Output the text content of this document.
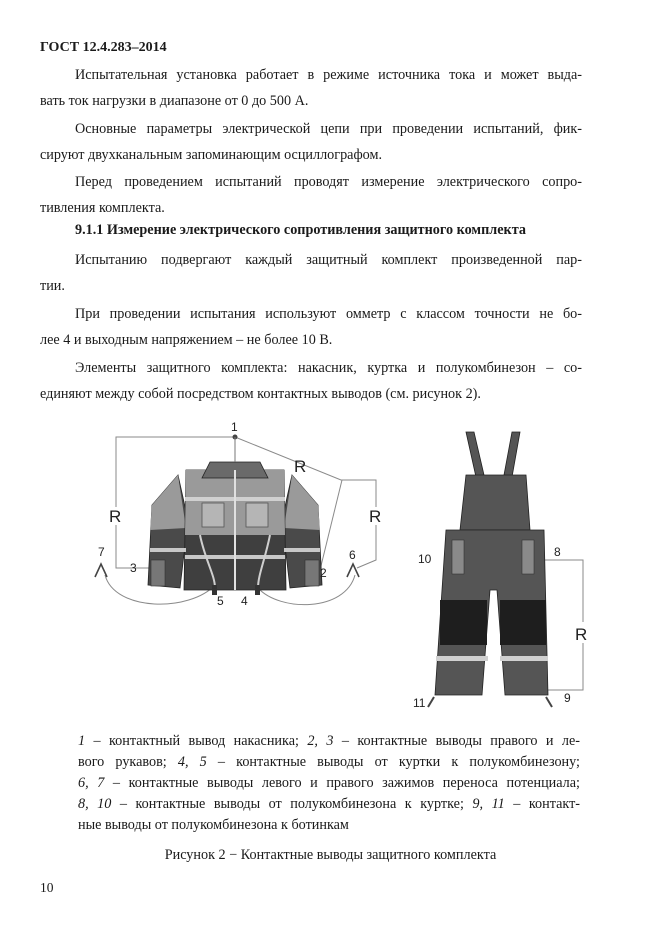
ГОСТ 12.4.283–2014

Испытательная установка работает в режиме источника тока и может выда-
вать ток нагрузки в диапазоне от 0 до 500 А.

Основные параметры электрической цепи при проведении испытаний, фик-
сируют двухканальным запоминающим осциллографом.

Перед проведением испытаний проводят измерение электрического сопро-
тивления комплекта.

9.1.1 Измерение электрического сопротивления защитного комплекта

Испытанию подвергают каждый защитный комплект произведенной пар-
тии.

При проведении испытания используют омметр с классом точности не бо-
лее 4 и выходным напряжением – не более 10 В.

Элементы защитного комплекта: накасник, куртка и полукомбинезон – со-
единяют между собой посредством контактных выводов (см. рисунок 2).

1
2
3
4
5
6
7	8
9
10
11
R
R
R
R

1 – контактный вывод накасника; 2, 3 – контактные выводы правого и ле-
вого рукавов; 4, 5 – контактные выводы от куртки к полукомбинезону;
6, 7 – контактные выводы левого и правого зажимов переноса потенциала;
8, 10 – контактные выводы от полукомбинезона к куртке; 9, 11 – контакт-
ные выводы от полукомбинезона к ботинкам

Рисунок 2 − Контактные выводы защитного комплекта
10
